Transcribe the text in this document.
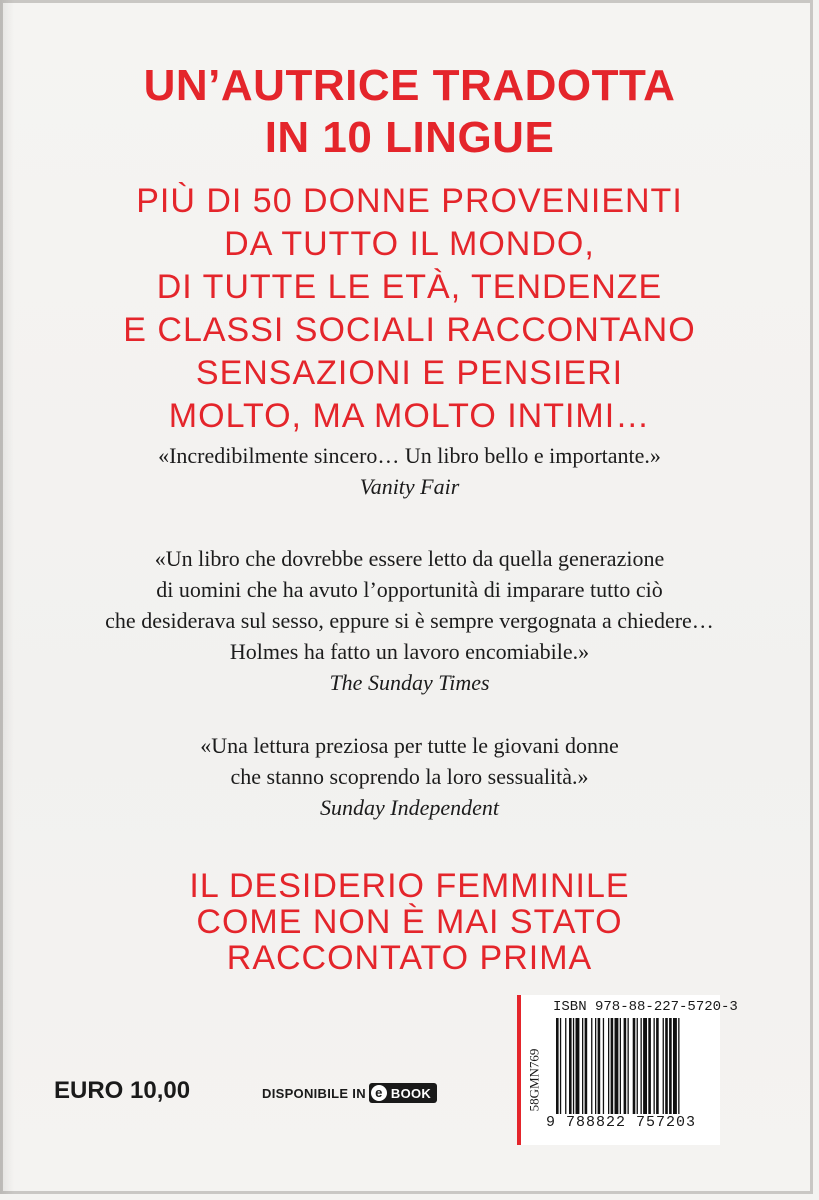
UN’AUTRICE TRADOTTA
IN 10 LINGUE
PIÙ DI 50 DONNE PROVENIENTI
DA TUTTO IL MONDO,
DI TUTTE LE ETÀ, TENDENZE
E CLASSI SOCIALI RACCONTANO
SENSAZIONI E PENSIERI
MOLTO, MA MOLTO INTIMI…
«Incredibilmente sincero… Un libro bello e importante.»
Vanity Fair
«Un libro che dovrebbe essere letto da quella generazione
di uomini che ha avuto l’opportunità di imparare tutto ciò
che desiderava sul sesso, eppure si è sempre vergognata a chiedere…
Holmes ha fatto un lavoro encomiabile.»
The Sunday Times
«Una lettura preziosa per tutte le giovani donne
che stanno scoprendo la loro sessualità.»
Sunday Independent
IL DESIDERIO FEMMINILE
COME NON È MAI STATO
RACCONTATO PRIMA
EURO 10,00	DISPONIBILE IN e BOOK	58GMN769
ISBN 978-88-227-5720-3
9 788822 757203
